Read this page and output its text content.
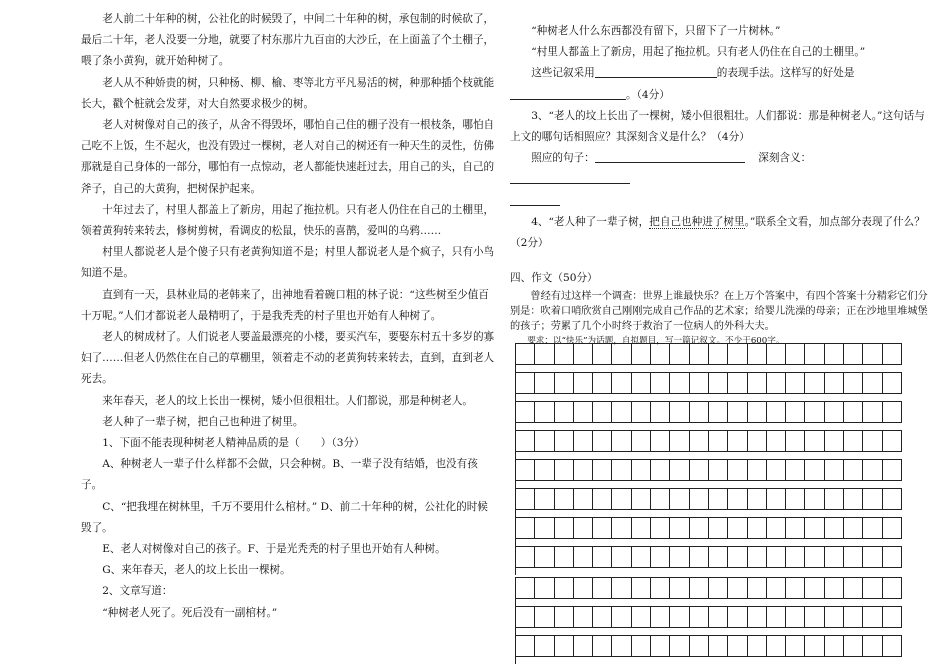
老人前二十年种的树，公社化的时候毁了，中间二十年种的树，承包制的时候砍了，最后二十年，老人没要一分地，就要了村东那片九百亩的大沙丘，在上面盖了个土棚子，喂了条小黄狗，就开始种树了。

老人从不种娇贵的树，只种杨、柳、榆、枣等北方平凡易活的树，种那种插个枝就能长大，戳个桩就会发芽，对大自然要求极少的树。

老人对树像对自己的孩子，从舍不得毁坏，哪怕自己住的棚子没有一根枝条，哪怕自己吃不上饭，生不起火，也没有毁过一棵树，老人对自己的树还有一种天生的灵性，仿佛那就是自己身体的一部分，哪怕有一点惊动，老人都能快速赶过去，用自己的头，自己的斧子，自己的大黄狗，把树保护起来。

十年过去了，村里人都盖上了新房，用起了拖拉机。只有老人仍住在自己的土棚里，领着黄狗转来转去，修树剪树，看调皮的松鼠，快乐的喜鹊，爱叫的乌鸦……

村里人都说老人是个傻子只有老黄狗知道不是；村里人都说老人是个疯子，只有小鸟知道不是。

直到有一天，县林业局的老韩来了，出神地看着碗口粗的林子说：“这些树至少值百十万呢。”人们才都说老人最精明了，于是我秃秃的村子里也开始有人种树了。

老人的树成材了。人们说老人要盖最漂亮的小楼，要买汽车，要娶东村五十多岁的寡妇了……但老人仍然住在自己的草棚里，领着走不动的老黄狗转来转去，直到，直到老人死去。

来年春天，老人的坟上长出一棵树，矮小但很粗壮。人们都说，那是种树老人。

老人种了一辈子树，把自己也种进了树里。

1、下面不能表现种树老人精神品质的是（　　）（3分）

A、种树老人一辈子什么样都不会做，只会种树。B、一辈子没有结婚，也没有孩子。

C、“把我埋在树林里，千万不要用什么棺材。” D、前二十年种的树，公社化的时候毁了。

E、老人对树像对自己的孩子。F、于是光秃秃的村子里也开始有人种树。

G、来年春天，老人的坟上长出一棵树。

2、文章写道：

“种树老人死了。死后没有一副棺材。”

“种树老人什么东西都没有留下，只留下了一片树林。”

“村里人都盖上了新房，用起了拖拉机。只有老人仍住在自己的土棚里。”

这些记叙采用	的表现手法。这样写的好处是。（4分）

3、“老人的坟上长出了一棵树，矮小但很粗壮。人们都说：那是种树老人。”这句话与上文的哪句话相照应？其深刻含义是什么？（4分）

照应的句子：	深刻含义：

4、“老人种了一辈子树，把自己也种进了树里。”联系全文看，加点部分表现了什么？（2分）

四、作文（50分）

曾经有过这样一个调查：世界上谁最快乐？在上万个答案中，有四个答案十分精彩它们分别是：吹着口哨欣赏自己刚刚完成自己作品的艺术家；给婴儿洗澡的母亲；正在沙地里堆城堡的孩子；劳累了几个小时终于救治了一位病人的外科大夫。

要求：以“快乐”为话题，自拟题目，写一篇记叙文。不少于600字。
